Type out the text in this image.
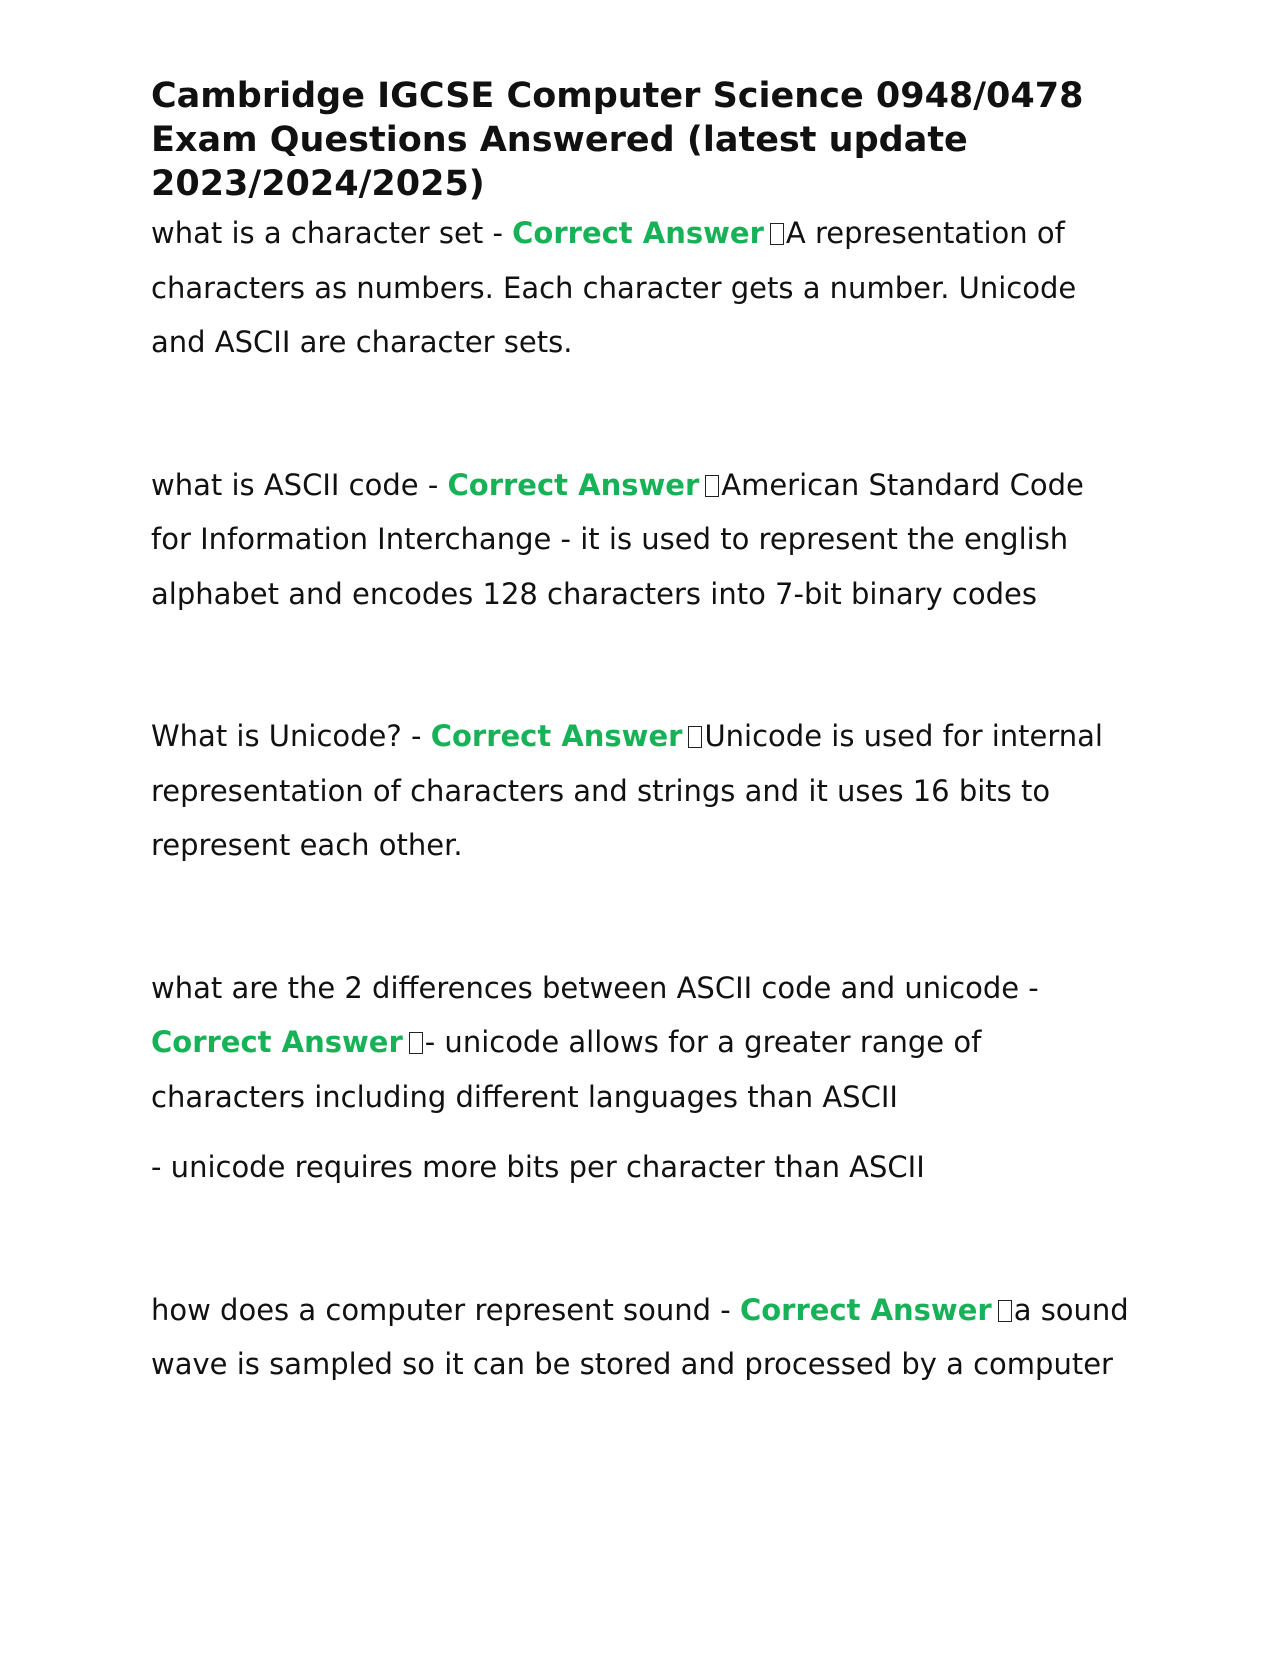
Cambridge IGCSE Computer Science 0948/0478 Exam Questions Answered (latest update 2023/2024/2025)

what is a character set - Correct Answer A representation of characters as numbers. Each character gets a number. Unicode and ASCII are character sets.

what is ASCII code - Correct Answer American Standard Code for Information Interchange - it is used to represent the english alphabet and encodes 128 characters into 7-bit binary codes

What is Unicode? - Correct Answer Unicode is used for internal representation of characters and strings and it uses 16 bits to represent each other.

what are the 2 differences between ASCII code and unicode - Correct Answer - unicode allows for a greater range of characters including different languages than ASCII

- unicode requires more bits per character than ASCII

how does a computer represent sound - Correct Answer a sound wave is sampled so it can be stored and processed by a computer
